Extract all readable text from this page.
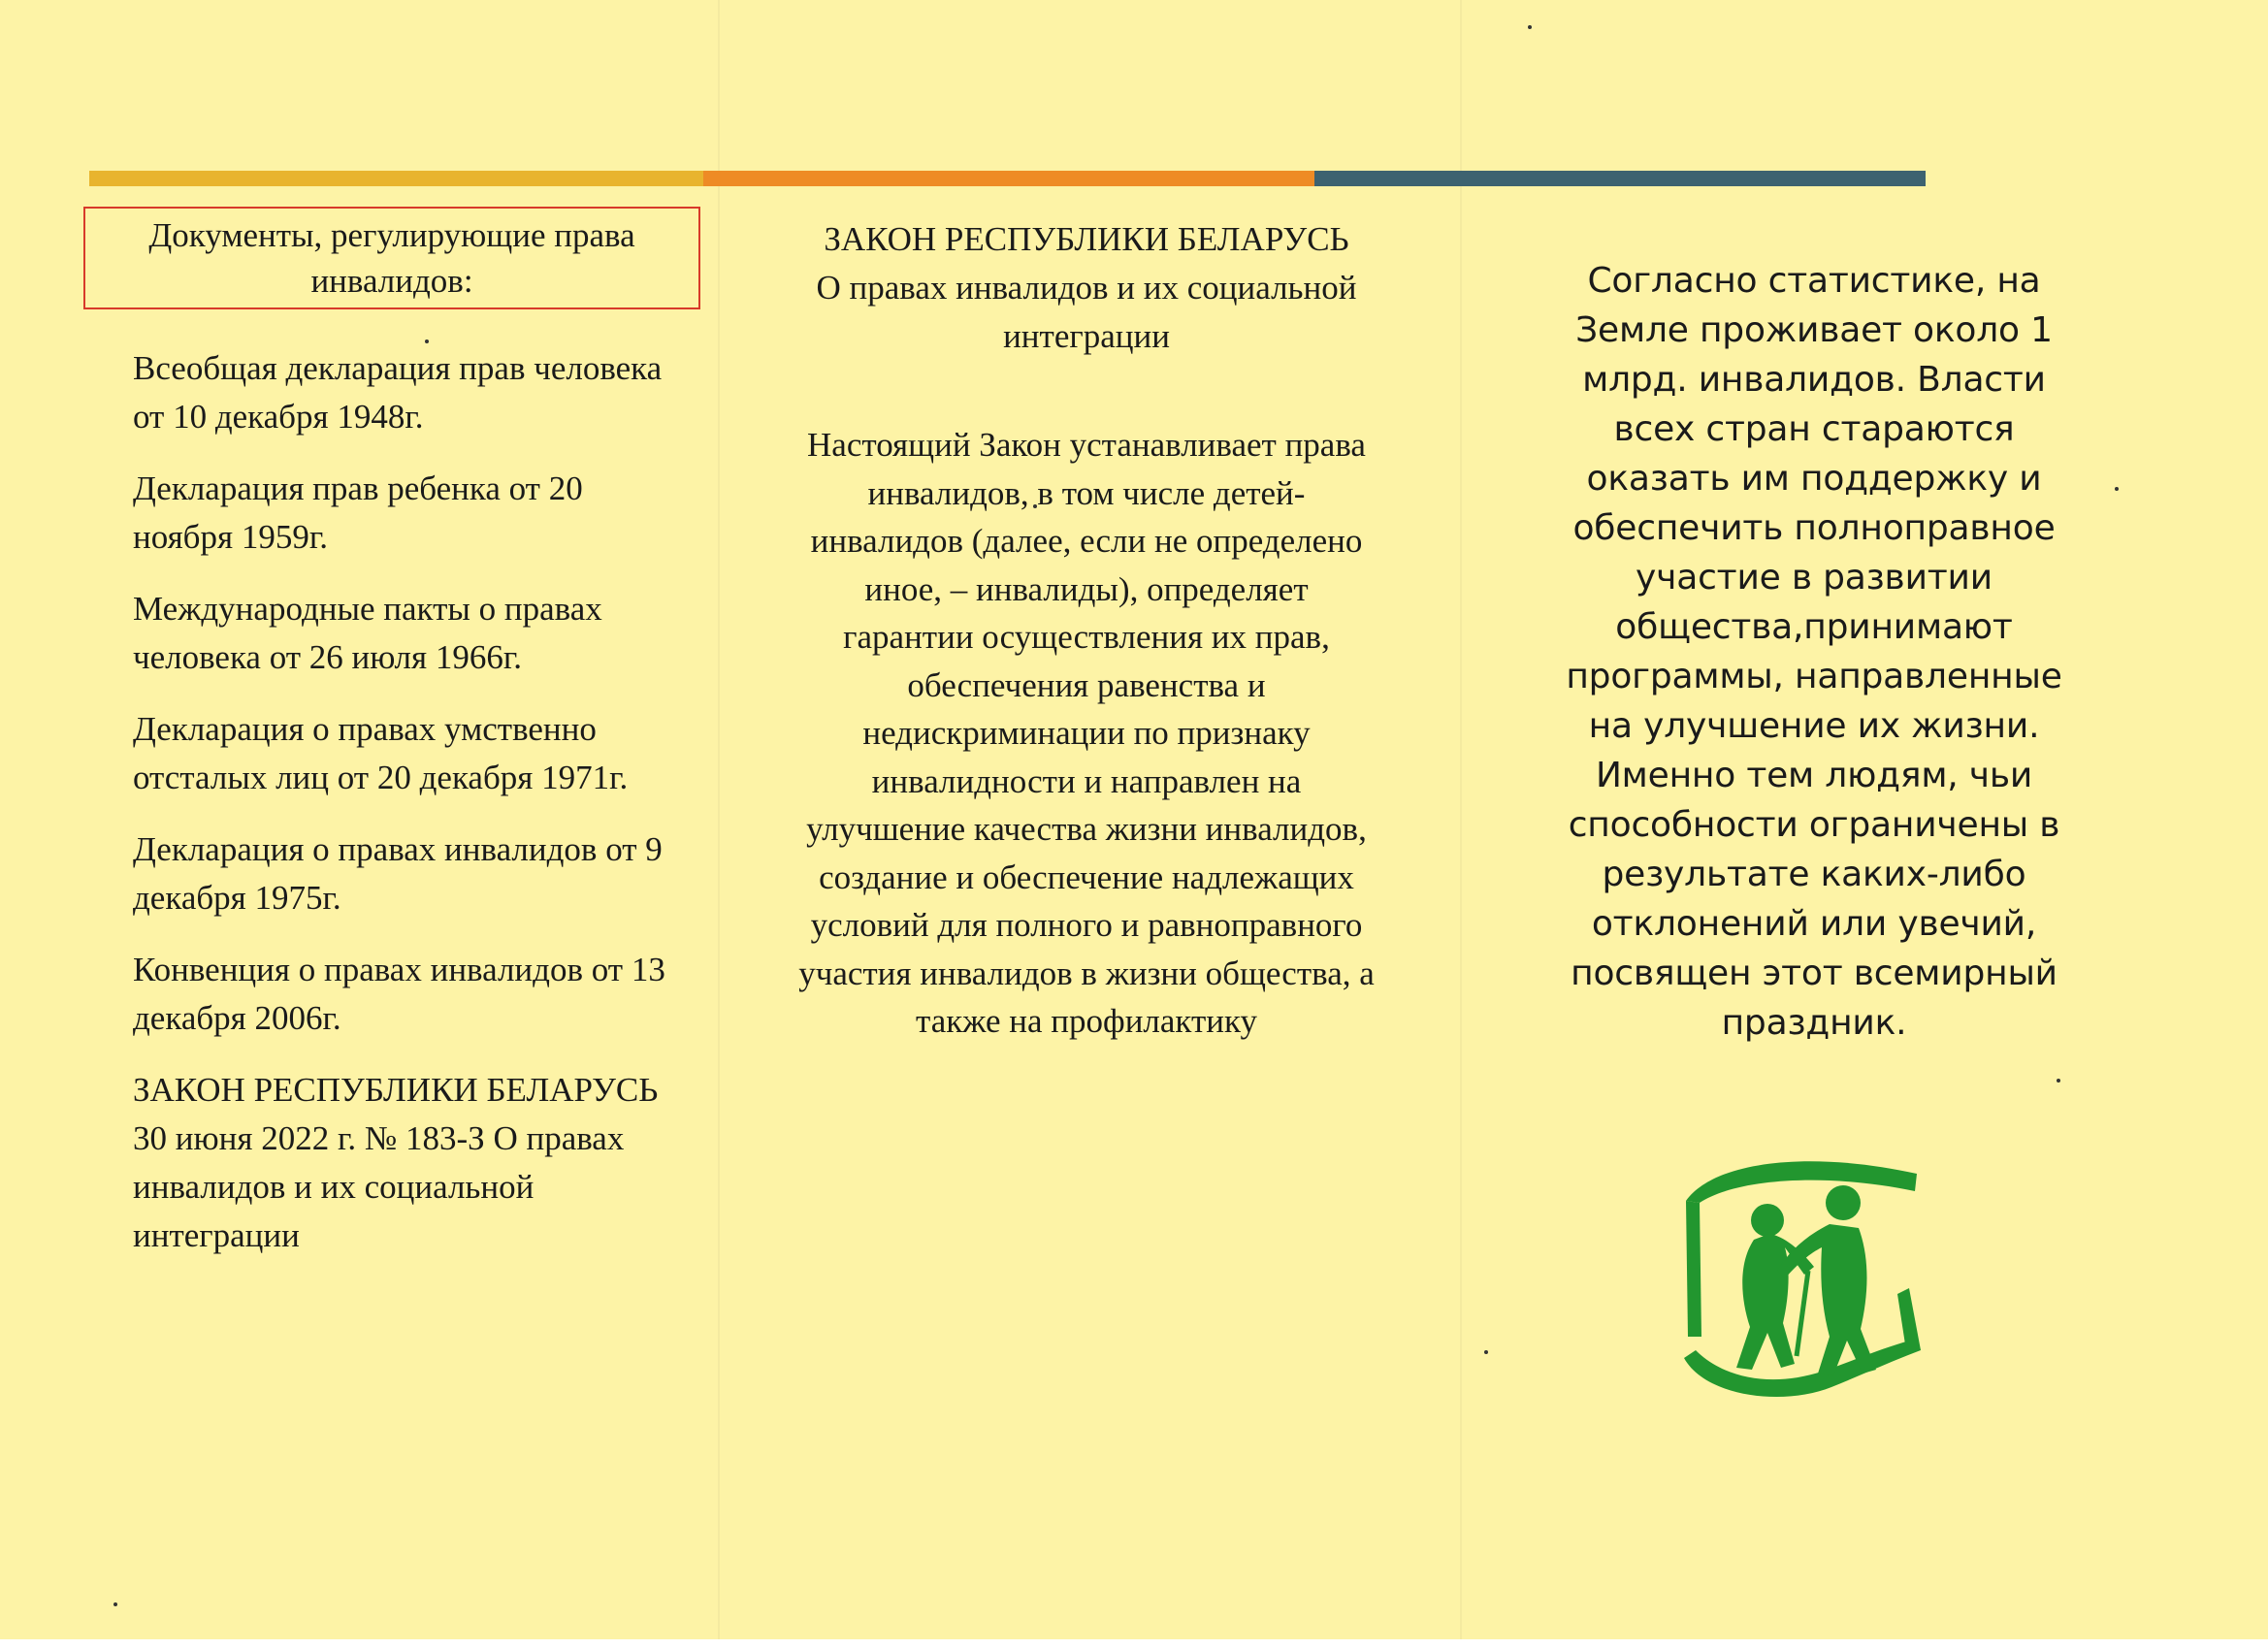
Документы, регулирующие права инвалидов:
Всеобщая декларация прав человека от 10 декабря 1948г.
Декларация прав ребенка от 20 ноября 1959г.
Международные пакты о правах человека от 26 июля 1966г.
Декларация о правах умственно отсталых лиц от 20 декабря 1971г.
Декларация о правах инвалидов от 9 декабря 1975г.
Конвенция о правах инвалидов от 13 декабря 2006г.
ЗАКОН РЕСПУБЛИКИ БЕЛАРУСЬ 30 июня 2022 г. № 183-З О правах инвалидов и их социальной интеграции
ЗАКОН РЕСПУБЛИКИ БЕЛАРУСЬ
О правах инвалидов и их социальной интеграции
Настоящий Закон устанавливает права инвалидов, в том числе детей-инвалидов (далее, если не определено иное, – инвалиды), определяет гарантии осуществления их прав, обеспечения равенства и недискриминации по признаку инвалидности и направлен на улучшение качества жизни инвалидов, создание и обеспечение надлежащих условий для полного и равноправного участия инвалидов в жизни общества, а также на профилактику
Согласно статистике, на Земле проживает около 1 млрд. инвалидов. Власти всех стран стараются оказать им поддержку и обеспечить полноправное участие в развитии общества,принимают программы, направленные на улучшение их жизни. Именно тем людям, чьи способности ограничены в результате каких-либо отклонений или увечий, посвящен этот всемирный праздник.
